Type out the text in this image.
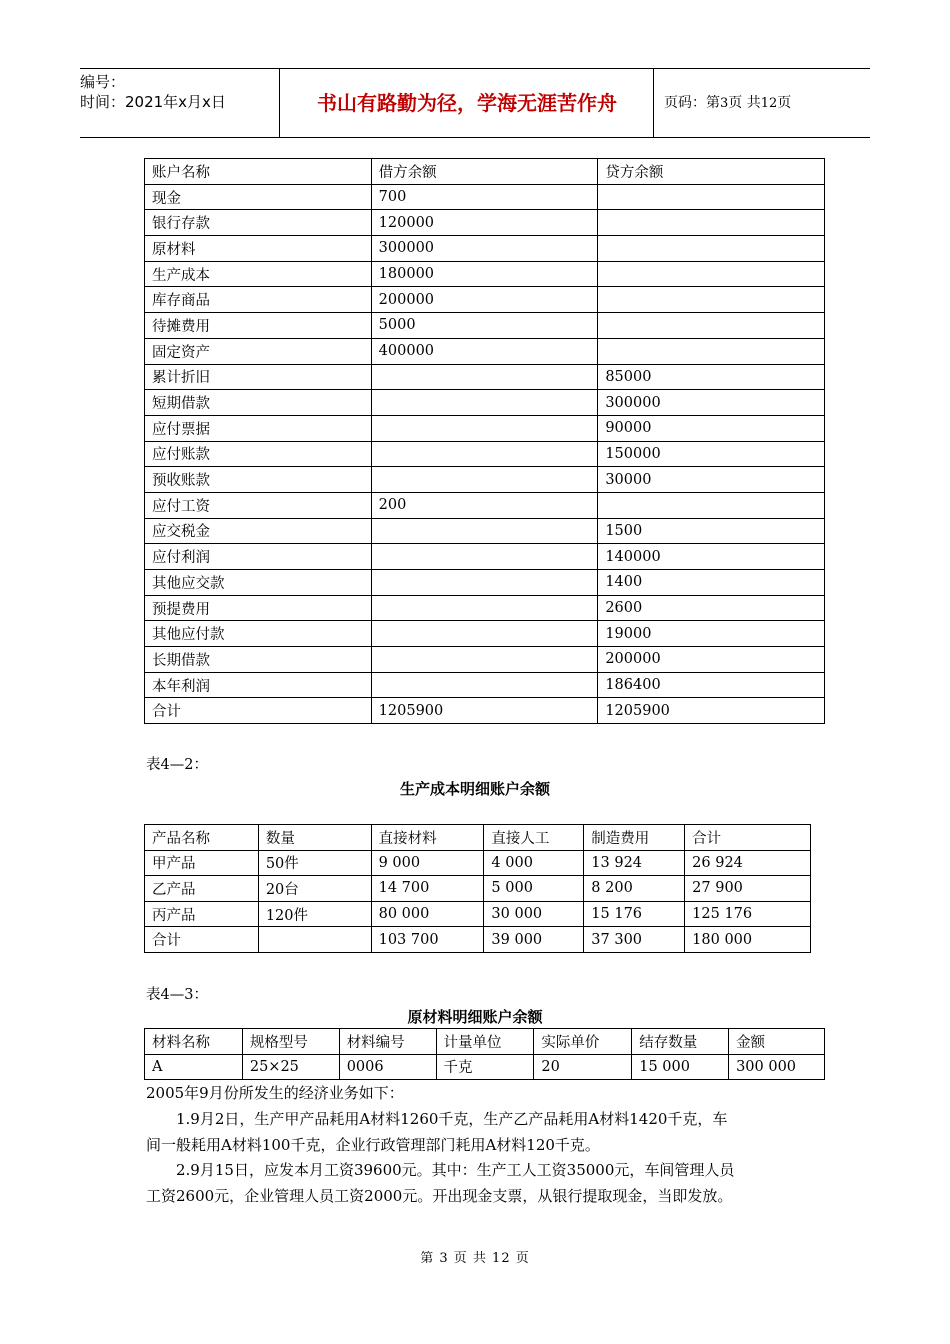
编号：
时间：2021年x月x日	书山有路勤为径，学海无涯苦作舟	页码：第3页 共12页
账户名称	借方余额	贷方余额
现金	700	
银行存款	120000	
原材料	300000	
生产成本	180000	
库存商品	200000	
待摊费用	5000	
固定资产	400000	
累计折旧		85000
短期借款		300000
应付票据		90000
应付账款		150000
预收账款		30000
应付工资	200	
应交税金		1500
应付利润		140000
其他应交款		1400
预提费用		2600
其他应付款		19000
长期借款		200000
本年利润		186400
合计	1205900	1205900
表4—2：
生产成本明细账户余额
产品名称	数量	直接材料	直接人工	制造费用	合计
甲产品	50件	9 000	4 000	13 924	26 924
乙产品	20台	14 700	5 000	8 200	27 900
丙产品	120件	80 000	30 000	15 176	125 176
合计		103 700	39 000	37 300	180 000
表4—3：
原材料明细账户余额
材料名称	规格型号	材料编号	计量单位	实际单价	结存数量	金额
A	25×25	0006	千克	20	15 000	300 000
2005年9月份所发生的经济业务如下：
1.9月2日，生产甲产品耗用A材料1260千克，生产乙产品耗用A材料1420千克，车
间一般耗用A材料100千克，企业行政管理部门耗用A材料120千克。
2.9月15日，应发本月工资39600元。其中：生产工人工资35000元，车间管理人员
工资2600元，企业管理人员工资2000元。开出现金支票，从银行提取现金，当即发放。
第 3 页 共 12 页
